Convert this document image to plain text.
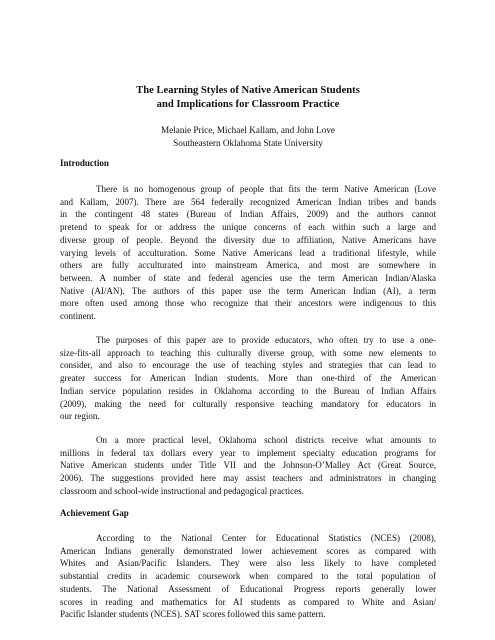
The Learning Styles of Native American Students
and Implications for Classroom Practice
Melanie Price, Michael Kallam, and John Love
Southeastern Oklahoma State University
Introduction
There is no homogenous group of people that fits the term Native American (Love
and Kallam, 2007). There are 564 federally recognized American Indian tribes and bands
in the contingent 48 states (Bureau of Indian Affairs, 2009) and the authors cannot
pretend to speak for or address the unique concerns of each within such a large and
diverse group of people. Beyond the diversity due to affiliation, Native Americans have
varying levels of acculturation. Some Native Americans lead a traditional lifestyle, while
others are fully acculturated into mainstream America, and most are somewhere in
between. A number of state and federal agencies use the term American Indian/Alaska
Native (AI/AN). The authors of this paper use the term American Indian (AI), a term
more often used among those who recognize that their ancestors were indigenous to this
continent.
The purposes of this paper are to provide educators, who often try to use a one-
size-fits-all approach to teaching this culturally diverse group, with some new elements to
consider, and also to encourage the use of teaching styles and strategies that can lead to
greater success for American Indian students. More than one-third of the American
Indian service population resides in Oklahoma according to the Bureau of Indian Affairs
(2009), making the need for culturally responsive teaching mandatory for educators in
our region.
On a more practical level, Oklahoma school districts receive what amounts to
millions in federal tax dollars every year to implement specialty education programs for
Native American students under Title VII and the Johnson-O’Malley Act (Great Source,
2006). The suggestions provided here may assist teachers and administrators in changing
classroom and school-wide instructional and pedagogical practices.
Achievement Gap
According to the National Center for Educational Statistics (NCES) (2008),
American Indians generally demonstrated lower achievement scores as compared with
Whites and Asian/Pacific Islanders. They were also less likely to have completed
substantial credits in academic coursework when compared to the total population of
students. The National Assessment of Educational Progress reports generally lower
scores in reading and mathematics for AI students as compared to White and Asian/
Pacific Islander students (NCES). SAT scores followed this same pattern.
